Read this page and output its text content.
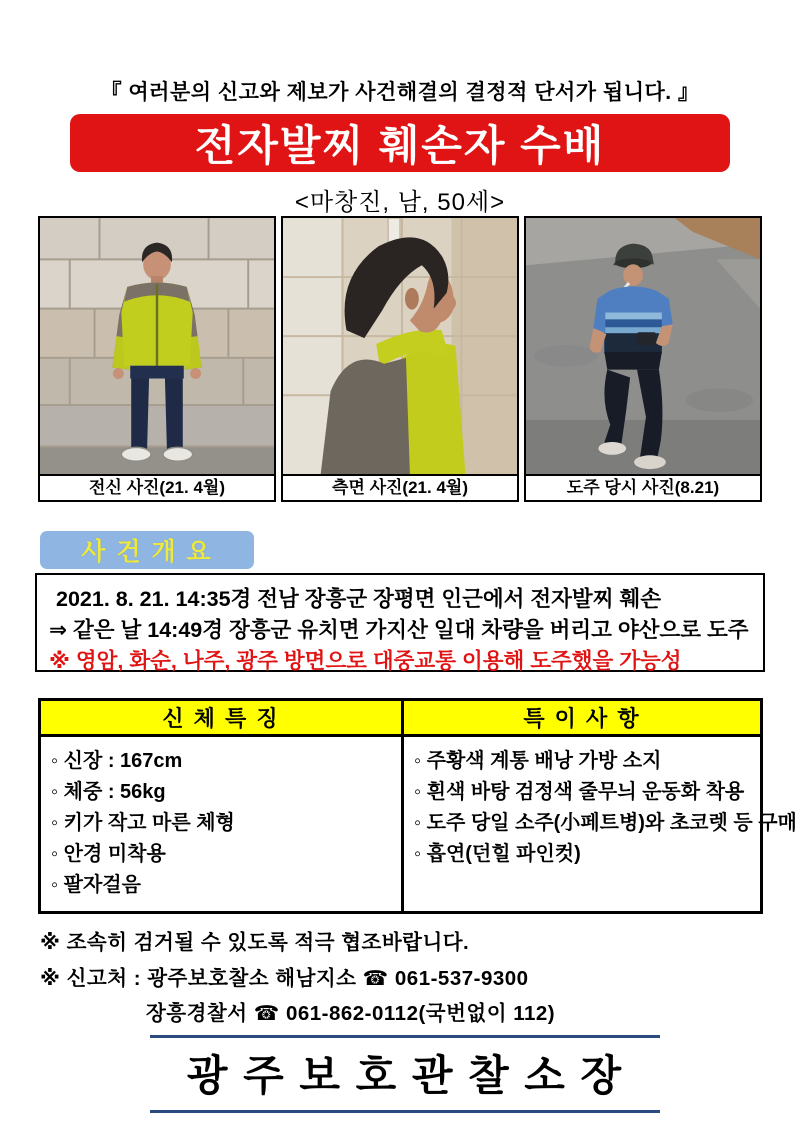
『 여러분의 신고와 제보가 사건해결의 결정적 단서가 됩니다. 』
전자발찌 훼손자 수배
<마창진, 남, 50세>
전신 사진(21. 4월)	측면 사진(21. 4월)	도주 당시 사진(8.21)
사 건 개 요
2021. 8. 21. 14:35경 전남 장흥군 장평면 인근에서 전자발찌 훼손
⇒ 같은 날 14:49경 장흥군 유치면 가지산 일대 차량을 버리고 야산으로 도주
※ 영암, 화순, 나주, 광주 방면으로 대중교통 이용해 도주했을 가능성
신 체 특 징	특 이 사 항

◦ 신장 : 167cm
◦ 체중 : 56kg
◦ 키가 작고 마른 체형
◦ 안경 미착용
◦ 팔자걸음

◦ 주황색 계통 배낭 가방 소지
◦ 흰색 바탕 검정색 줄무늬 운동화 착용
◦ 도주 당일 소주(小페트병)와 초코렛 등 구매
◦ 흡연(던힐 파인컷)
※ 조속히 검거될 수 있도록 적극 협조바랍니다.
※ 신고처 : 광주보호찰소 해남지소 ☎ 061-537-9300
장흥경찰서 ☎ 061-862-0112(국번없이 112)
광 주 보 호 관 찰 소 장
